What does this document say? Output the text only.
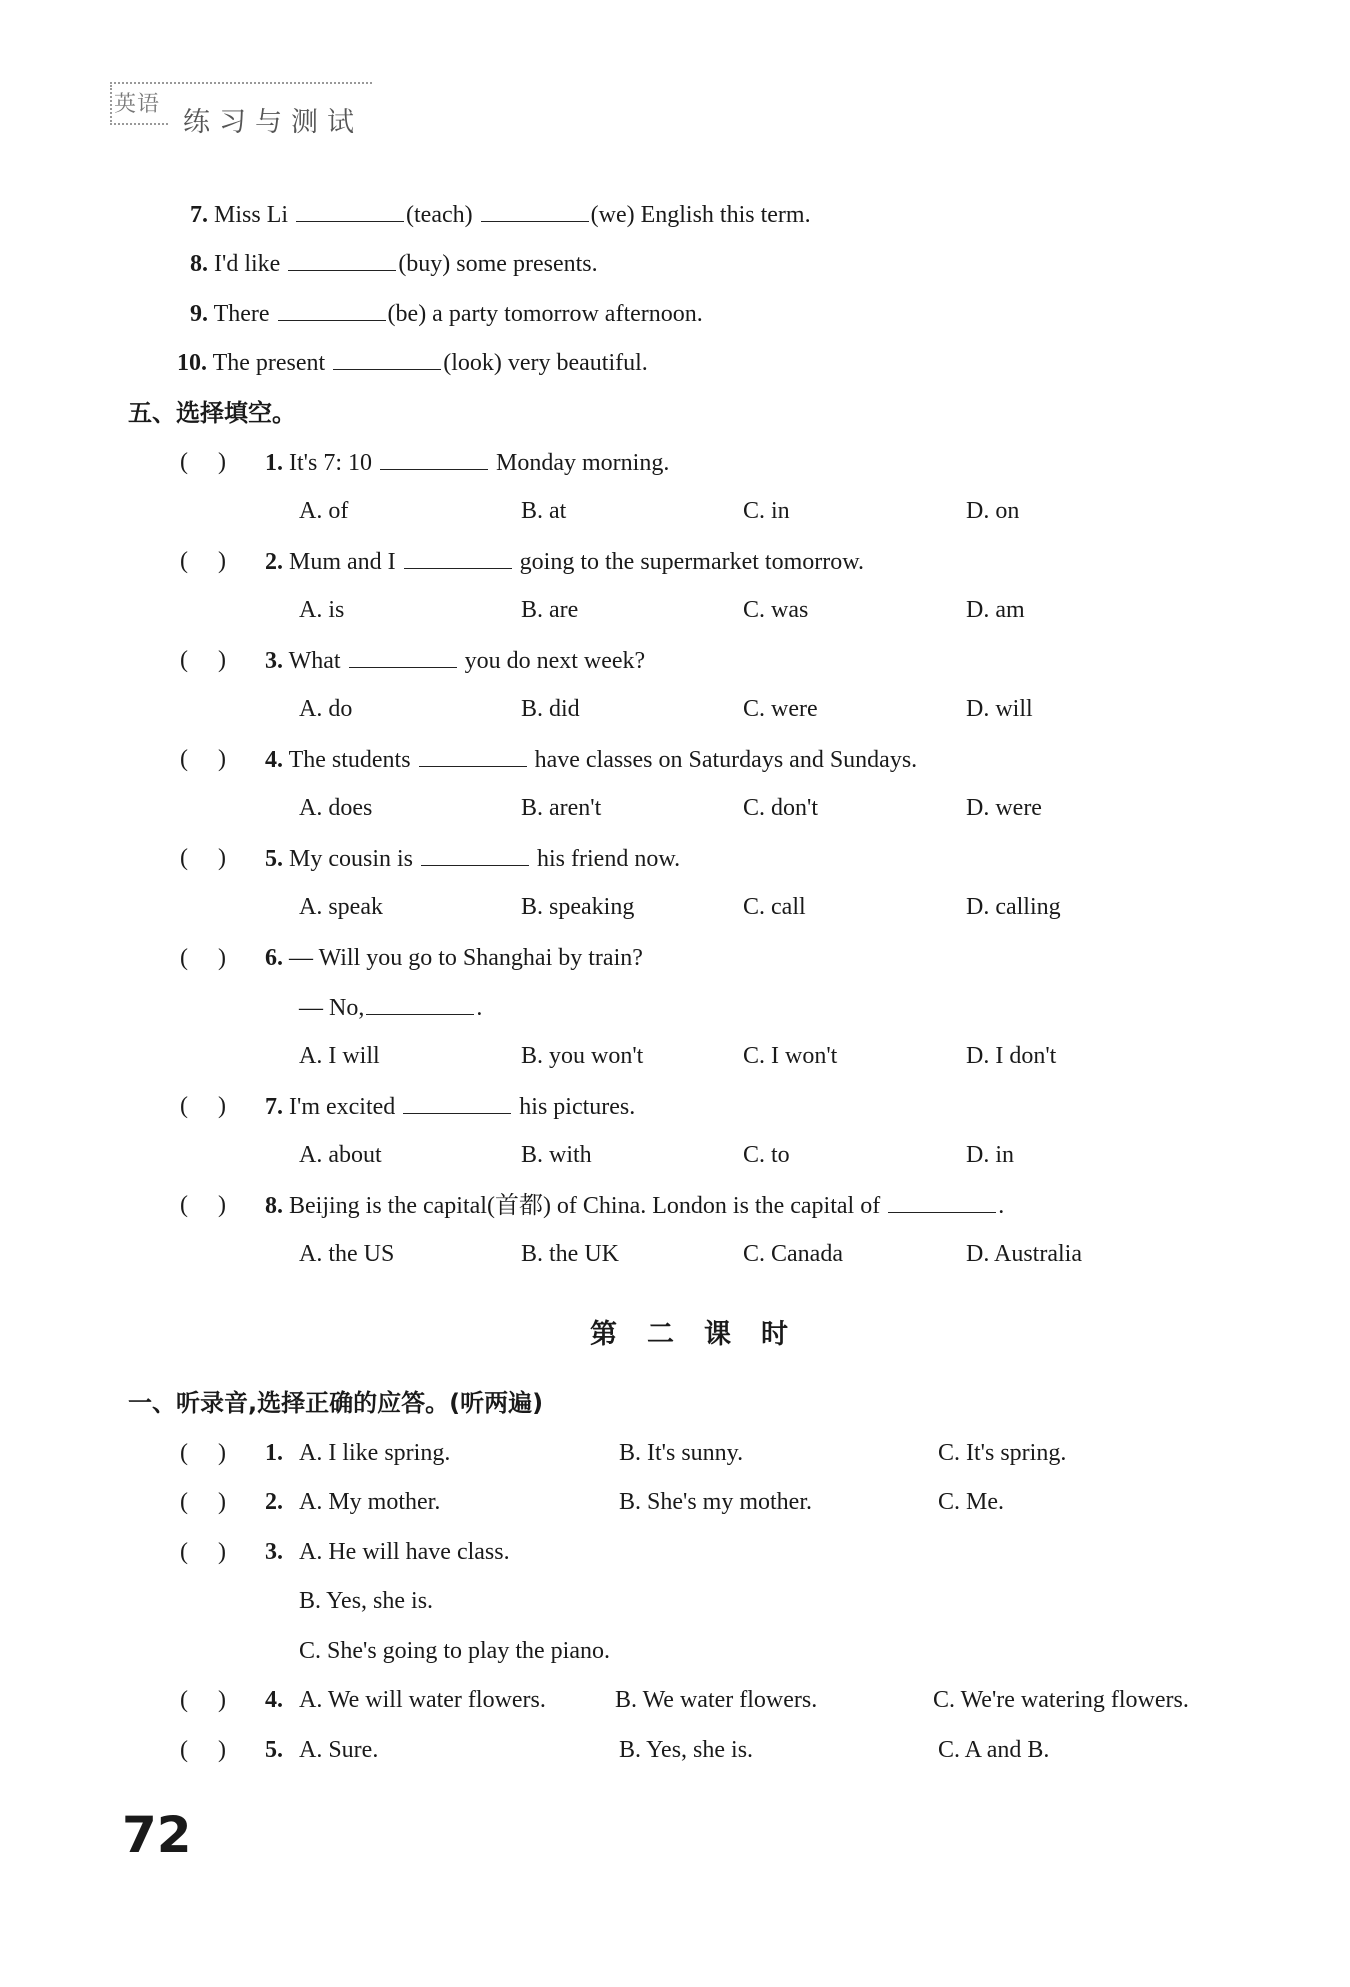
英语
练习与测试
7. Miss Li	(teach)	(we) English this term.
8. I'd like	(buy) some presents.
9. There	(be) a party tomorrow afternoon.
10. The present	(look) very beautiful.
五、选择填空。
(     ) 1. It's 7: 10	Monday morning.
A. of	B. at	C. in	D. on
(     ) 2. Mum and I	going to the supermarket tomorrow.
A. is	B. are	C. was	D. am
(     ) 3. What	you do next week?
A. do	B. did	C. were	D. will
(     ) 4. The students	have classes on Saturdays and Sundays.
A. does	B. aren't	C. don't	D. were
(     ) 5. My cousin is	his friend now.
A. speak	B. speaking	C. call	D. calling
(     ) 6. — Will you go to Shanghai by train?
— No,	.
A. I will	B. you won't	C. I won't	D. I don't
(     ) 7. I'm excited	his pictures.
A. about	B. with	C. to	D. in
(     ) 8. Beijing is the capital(首都) of China. London is the capital of	.
A. the US	B. the UK	C. Canada	D. Australia
第二课时
一、听录音,选择正确的应答。(听两遍)
(     ) 1. A. I like spring.	B. It's sunny.	C. It's spring.
(     ) 2. A. My mother.	B. She's my mother.	C. Me.
(     ) 3. A. He will have class.
B. Yes, she is.
C. She's going to play the piano.
(     ) 4. A. We will water flowers.	B. We water flowers.	C. We're watering flowers.
(     ) 5. A. Sure.	B. Yes, she is.	C. A and B.
72
